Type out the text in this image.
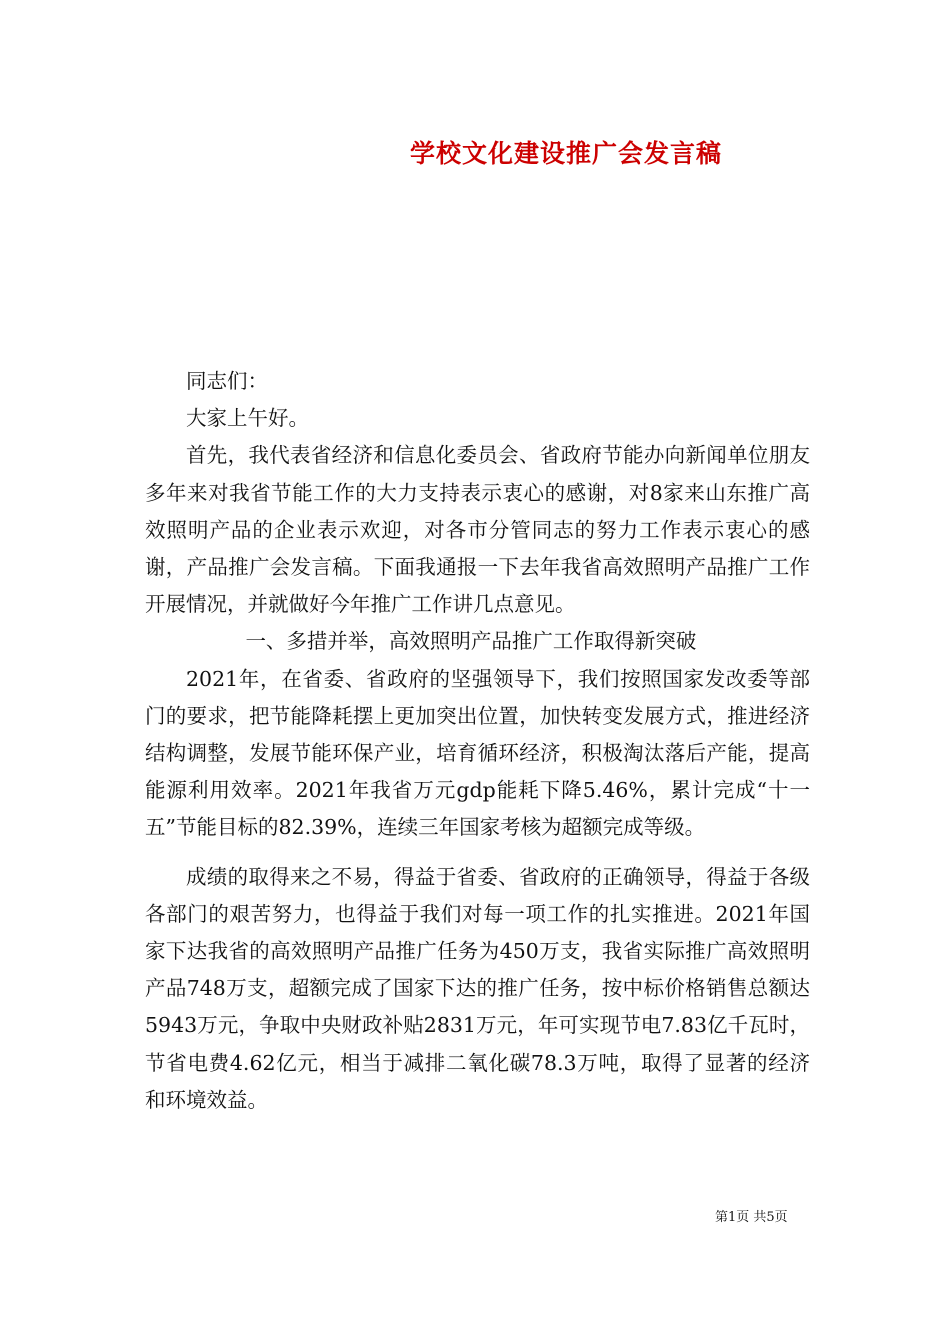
学校文化建设推广会发言稿

同志们：

大家上午好。

首先，我代表省经济和信息化委员会、省政府节能办向新闻单位朋友多年来对我省节能工作的大力支持表示衷心的感谢，对8家来山东推广高效照明产品的企业表示欢迎，对各市分管同志的努力工作表示衷心的感谢，产品推广会发言稿。下面我通报一下去年我省高效照明产品推广工作开展情况，并就做好今年推广工作讲几点意见。

一、多措并举，高效照明产品推广工作取得新突破

2021年，在省委、省政府的坚强领导下，我们按照国家发改委等部门的要求，把节能降耗摆上更加突出位置，加快转变发展方式，推进经济结构调整，发展节能环保产业，培育循环经济，积极淘汰落后产能，提高能源利用效率。2021年我省万元gdp能耗下降5.46%，累计完成“十一五”节能目标的82.39%，连续三年国家考核为超额完成等级。

成绩的取得来之不易，得益于省委、省政府的正确领导，得益于各级各部门的艰苦努力，也得益于我们对每一项工作的扎实推进。2021年国家下达我省的高效照明产品推广任务为450万支，我省实际推广高效照明产品748万支，超额完成了国家下达的推广任务，按中标价格销售总额达5943万元，争取中央财政补贴2831万元，年可实现节电7.83亿千瓦时，节省电费4.62亿元，相当于减排二氧化碳78.3万吨，取得了显著的经济和环境效益。

第1页 共5页
